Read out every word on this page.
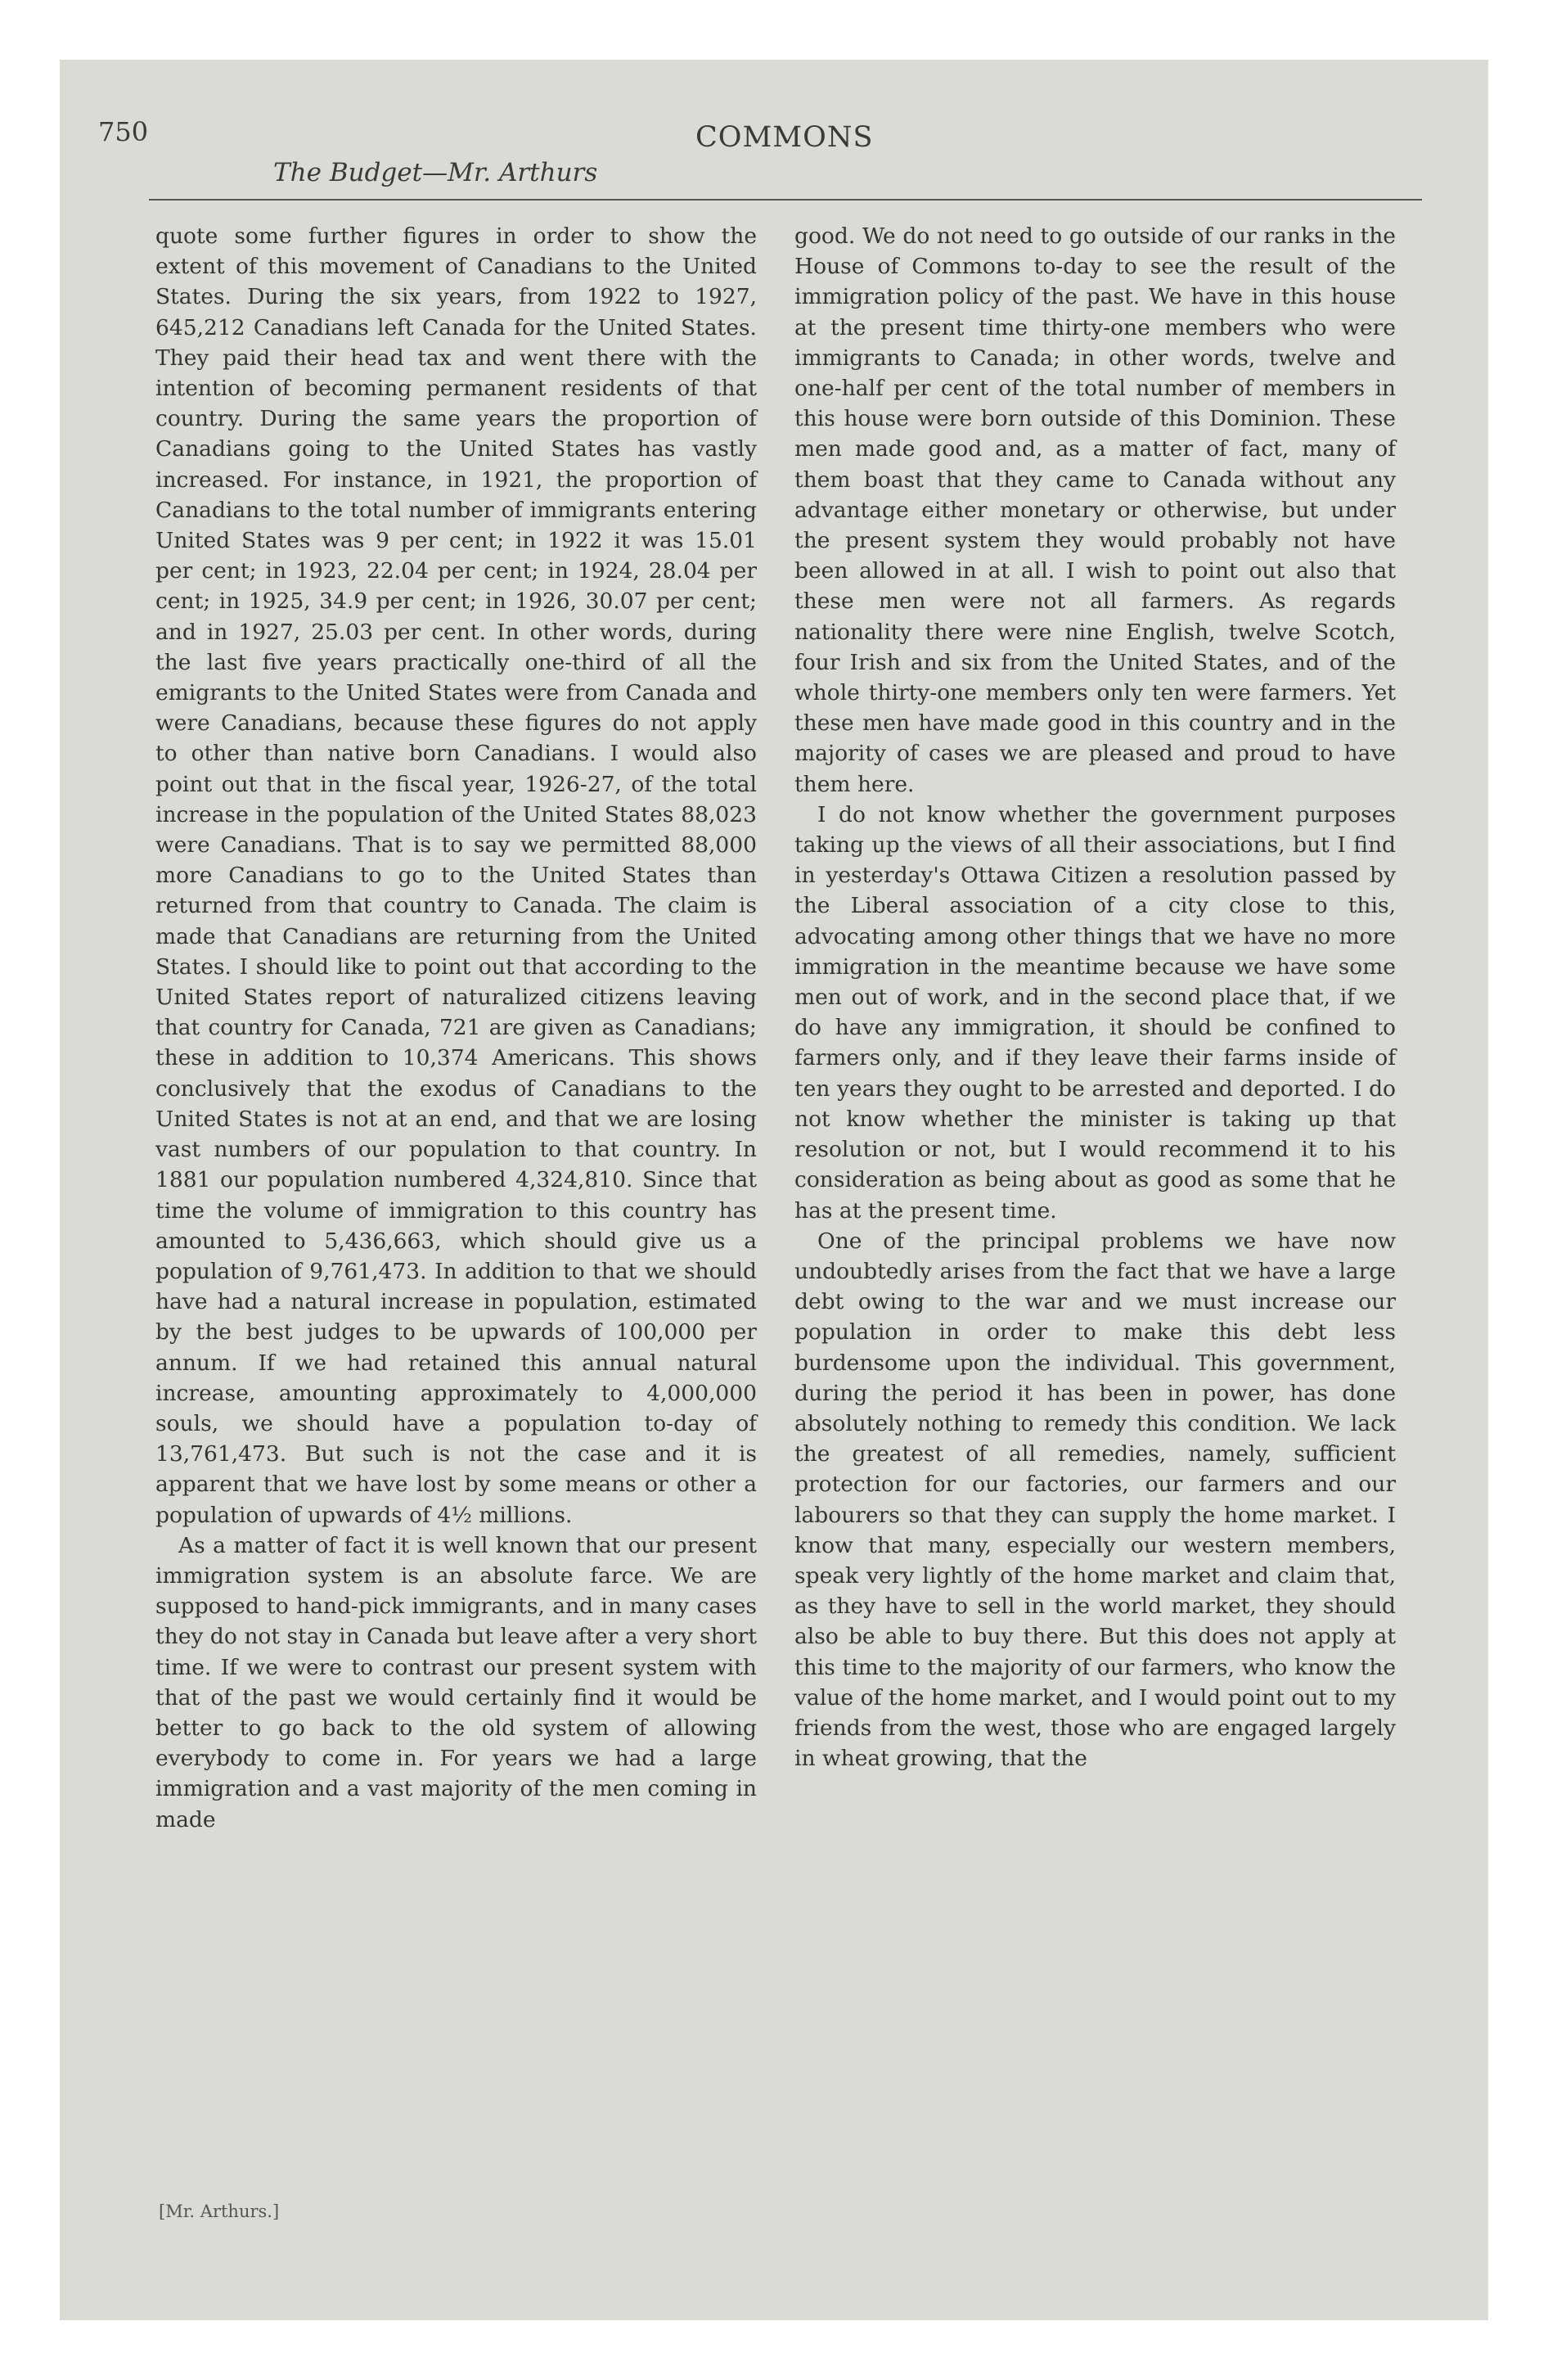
750

The Budget—Mr. Arthurs

COMMONS

quote some further figures in order to show the extent of this movement of Canadians to the United States. During the six years, from 1922 to 1927, 645,212 Canadians left Canada for the United States. They paid their head tax and went there with the intention of becoming permanent residents of that country. During the same years the proportion of Canadians going to the United States has vastly increased. For instance, in 1921, the proportion of Canadians to the total number of immigrants entering United States was 9 per cent; in 1922 it was 15.01 per cent; in 1923, 22.04 per cent; in 1924, 28.04 per cent; in 1925, 34.9 per cent; in 1926, 30.07 per cent; and in 1927, 25.03 per cent. In other words, during the last five years practically one-third of all the emigrants to the United States were from Canada and were Canadians, because these figures do not apply to other than native born Canadians. I would also point out that in the fiscal year, 1926-27, of the total increase in the population of the United States 88,023 were Canadians. That is to say we permitted 88,000 more Canadians to go to the United States than returned from that country to Canada. The claim is made that Canadians are returning from the United States. I should like to point out that according to the United States report of naturalized citizens leaving that country for Canada, 721 are given as Canadians; these in addition to 10,374 Americans. This shows conclusively that the exodus of Canadians to the United States is not at an end, and that we are losing vast numbers of our population to that country. In 1881 our population numbered 4,324,810. Since that time the volume of immigration to this country has amounted to 5,436,663, which should give us a population of 9,761,473. In addition to that we should have had a natural increase in population, estimated by the best judges to be upwards of 100,000 per annum. If we had retained this annual natural increase, amounting approximately to 4,000,000 souls, we should have a population to-day of 13,761,473. But such is not the case and it is apparent that we have lost by some means or other a population of upwards of 4½ millions.

As a matter of fact it is well known that our present immigration system is an absolute farce. We are supposed to hand-pick immigrants, and in many cases they do not stay in Canada but leave after a very short time. If we were to contrast our present system with that of the past we would certainly find it would be better to go back to the old system of allowing everybody to come in. For years we had a large immigration and a vast majority of the men coming in made

good. We do not need to go outside of our ranks in the House of Commons to-day to see the result of the immigration policy of the past. We have in this house at the present time thirty-one members who were immigrants to Canada; in other words, twelve and one-half per cent of the total number of members in this house were born outside of this Dominion. These men made good and, as a matter of fact, many of them boast that they came to Canada without any advantage either monetary or otherwise, but under the present system they would probably not have been allowed in at all. I wish to point out also that these men were not all farmers. As regards nationality there were nine English, twelve Scotch, four Irish and six from the United States, and of the whole thirty-one members only ten were farmers. Yet these men have made good in this country and in the majority of cases we are pleased and proud to have them here.

I do not know whether the government purposes taking up the views of all their associations, but I find in yesterday's Ottawa Citizen a resolution passed by the Liberal association of a city close to this, advocating among other things that we have no more immigration in the meantime because we have some men out of work, and in the second place that, if we do have any immigration, it should be confined to farmers only, and if they leave their farms inside of ten years they ought to be arrested and deported. I do not know whether the minister is taking up that resolution or not, but I would recommend it to his consideration as being about as good as some that he has at the present time.

One of the principal problems we have now undoubtedly arises from the fact that we have a large debt owing to the war and we must increase our population in order to make this debt less burdensome upon the individual. This government, during the period it has been in power, has done absolutely nothing to remedy this condition. We lack the greatest of all remedies, namely, sufficient protection for our factories, our farmers and our labourers so that they can supply the home market. I know that many, especially our western members, speak very lightly of the home market and claim that, as they have to sell in the world market, they should also be able to buy there. But this does not apply at this time to the majority of our farmers, who know the value of the home market, and I would point out to my friends from the west, those who are engaged largely in wheat growing, that the

[Mr. Arthurs.]
